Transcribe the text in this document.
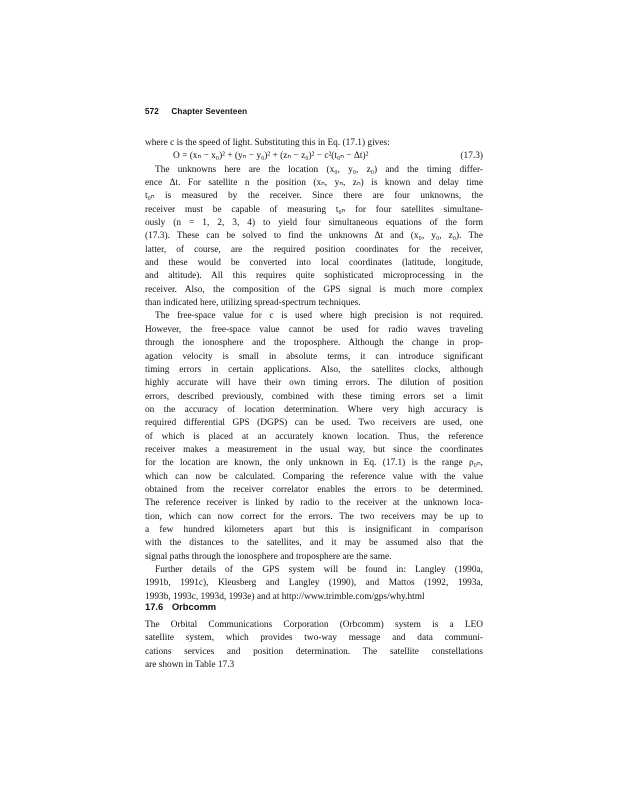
572 Chapter Seventeen
where c is the speed of light. Substituting this in Eq. (17.1) gives:
O = (xₙ − x₀)² + (yₙ − y₀)² + (zₙ − z₀)² − c²(t₀ₙ − Δt)²	(17.3)
The unknowns here are the location (x₀, y₀, z₀) and the timing differ-
ence Δt. For satellite n the position (xₙ, yₙ, zₙ) is known and delay time
t₀ₙ is measured by the receiver. Since there are four unknowns, the
receiver must be capable of measuring t₀ₙ for four satellites simultane-
ously (n = 1, 2, 3, 4) to yield four simultaneous equations of the form
(17.3). These can be solved to find the unknowns Δt and (x₀, y₀, z₀). The
latter, of course, are the required position coordinates for the receiver,
and these would be converted into local coordinates (latitude, longitude,
and altitude). All this requires quite sophisticated microprocessing in the
receiver. Also, the composition of the GPS signal is much more complex
than indicated here, utilizing spread-spectrum techniques.
The free-space value for c is used where high precision is not required.
However, the free-space value cannot be used for radio waves traveling
through the ionosphere and the troposphere. Although the change in prop-
agation velocity is small in absolute terms, it can introduce significant
timing errors in certain applications. Also, the satellites clocks, although
highly accurate will have their own timing errors. The dilution of position
errors, described previously, combined with these timing errors set a limit
on the accuracy of location determination. Where very high accuracy is
required differential GPS (DGPS) can be used. Two receivers are used, one
of which is placed at an accurately known location. Thus, the reference
receiver makes a measurement in the usual way, but since the coordinates
for the location are known, the only unknown in Eq. (17.1) is the range ρ₀ₙ,
which can now be calculated. Comparing the reference value with the value
obtained from the receiver correlator enables the errors to be determined.
The reference receiver is linked by radio to the receiver at the unknown loca-
tion, which can now correct for the errors. The two receivers may be up to
a few hundred kilometers apart but this is insignificant in comparison
with the distances to the satellites, and it may be assumed also that the
signal paths through the ionosphere and troposphere are the same.
Further details of the GPS system will be found in: Langley (1990a,
1991b, 1991c), Kleusberg and Langley (1990), and Mattos (1992, 1993a,
1993b, 1993c, 1993d, 1993e) and at http://www.trimble.com/gps/why.html
17.6 Orbcomm
The Orbital Communications Corporation (Orbcomm) system is a LEO
satellite system, which provides two-way message and data communi-
cations services and position determination. The satellite constellations
are shown in Table 17.3
